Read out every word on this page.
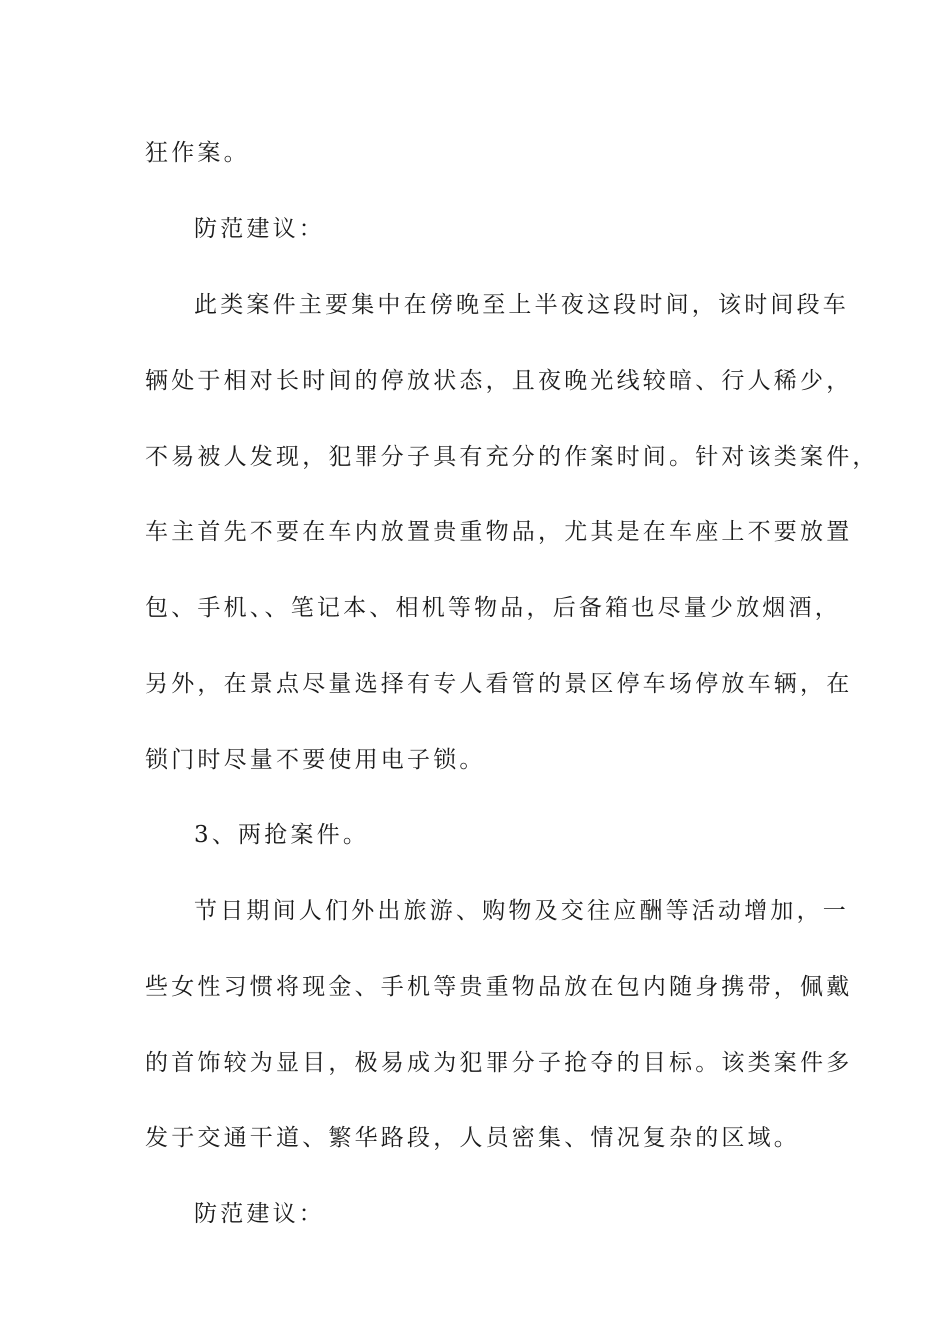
狂作案。
防范建议：
此类案件主要集中在傍晚至上半夜这段时间，该时间段车
辆处于相对长时间的停放状态，且夜晚光线较暗、行人稀少，
不易被人发现，犯罪分子具有充分的作案时间。针对该类案件，
车主首先不要在车内放置贵重物品，尤其是在车座上不要放置
包、手机、、笔记本、相机等物品，后备箱也尽量少放烟酒，
另外，在景点尽量选择有专人看管的景区停车场停放车辆，在
锁门时尽量不要使用电子锁。
3、两抢案件。
节日期间人们外出旅游、购物及交往应酬等活动增加，一
些女性习惯将现金、手机等贵重物品放在包内随身携带，佩戴
的首饰较为显目，极易成为犯罪分子抢夺的目标。该类案件多
发于交通干道、繁华路段，人员密集、情况复杂的区域。
防范建议：
